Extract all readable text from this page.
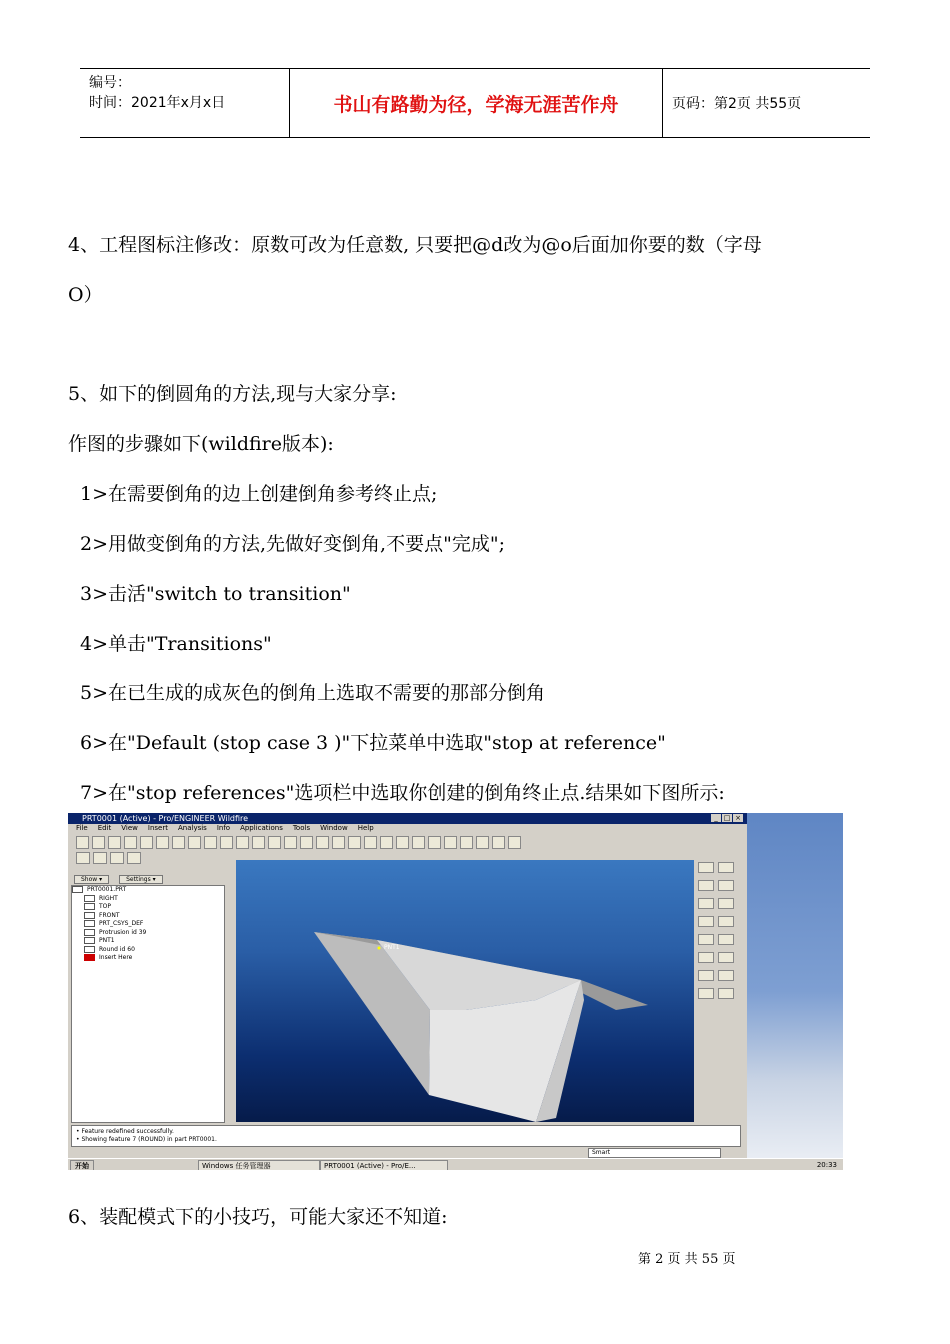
编号：
时间：2021年x月x日	书山有路勤为径，学海无涯苦作舟	页码：第2页 共55页
4、工程图标注修改：原数可改为任意数, 只要把@d改为@o后面加你要的数（字母
O）
5、如下的倒圆角的方法,现与大家分享:
作图的步骤如下(wildfire版本):
1>在需要倒角的边上创建倒角参考终止点;
2>用做变倒角的方法,先做好变倒角,不要点"完成";
3>击活"switch to transition"
4>单击"Transitions"
5>在已生成的成灰色的倒角上选取不需要的那部分倒角
6>在"Default (stop case 3 )"下拉菜单中选取"stop at reference"
7>在"stop references"选项栏中选取你创建的倒角终止点.结果如下图所示:
PRT0001 (Active) - Pro/ENGINEER Wildfire	_ □ ×
File Edit View Insert Analysis Info Applications Tools Window Help
Show ▾	Settings ▾
PRT0001.PRT
RIGHT
TOP
FRONT
PRT_CSYS_DEF
Protrusion id 39
PNT1
Round id 60
Insert Here
PNT1
• Feature redefined successfully.
• Showing feature 7 (ROUND) in part PRT0001.
Smart
开始	Windows 任务管理器	PRT0001 (Active) - Pro/E...	20:33
6、装配模式下的小技巧，可能大家还不知道:
第 2 页 共 55 页
